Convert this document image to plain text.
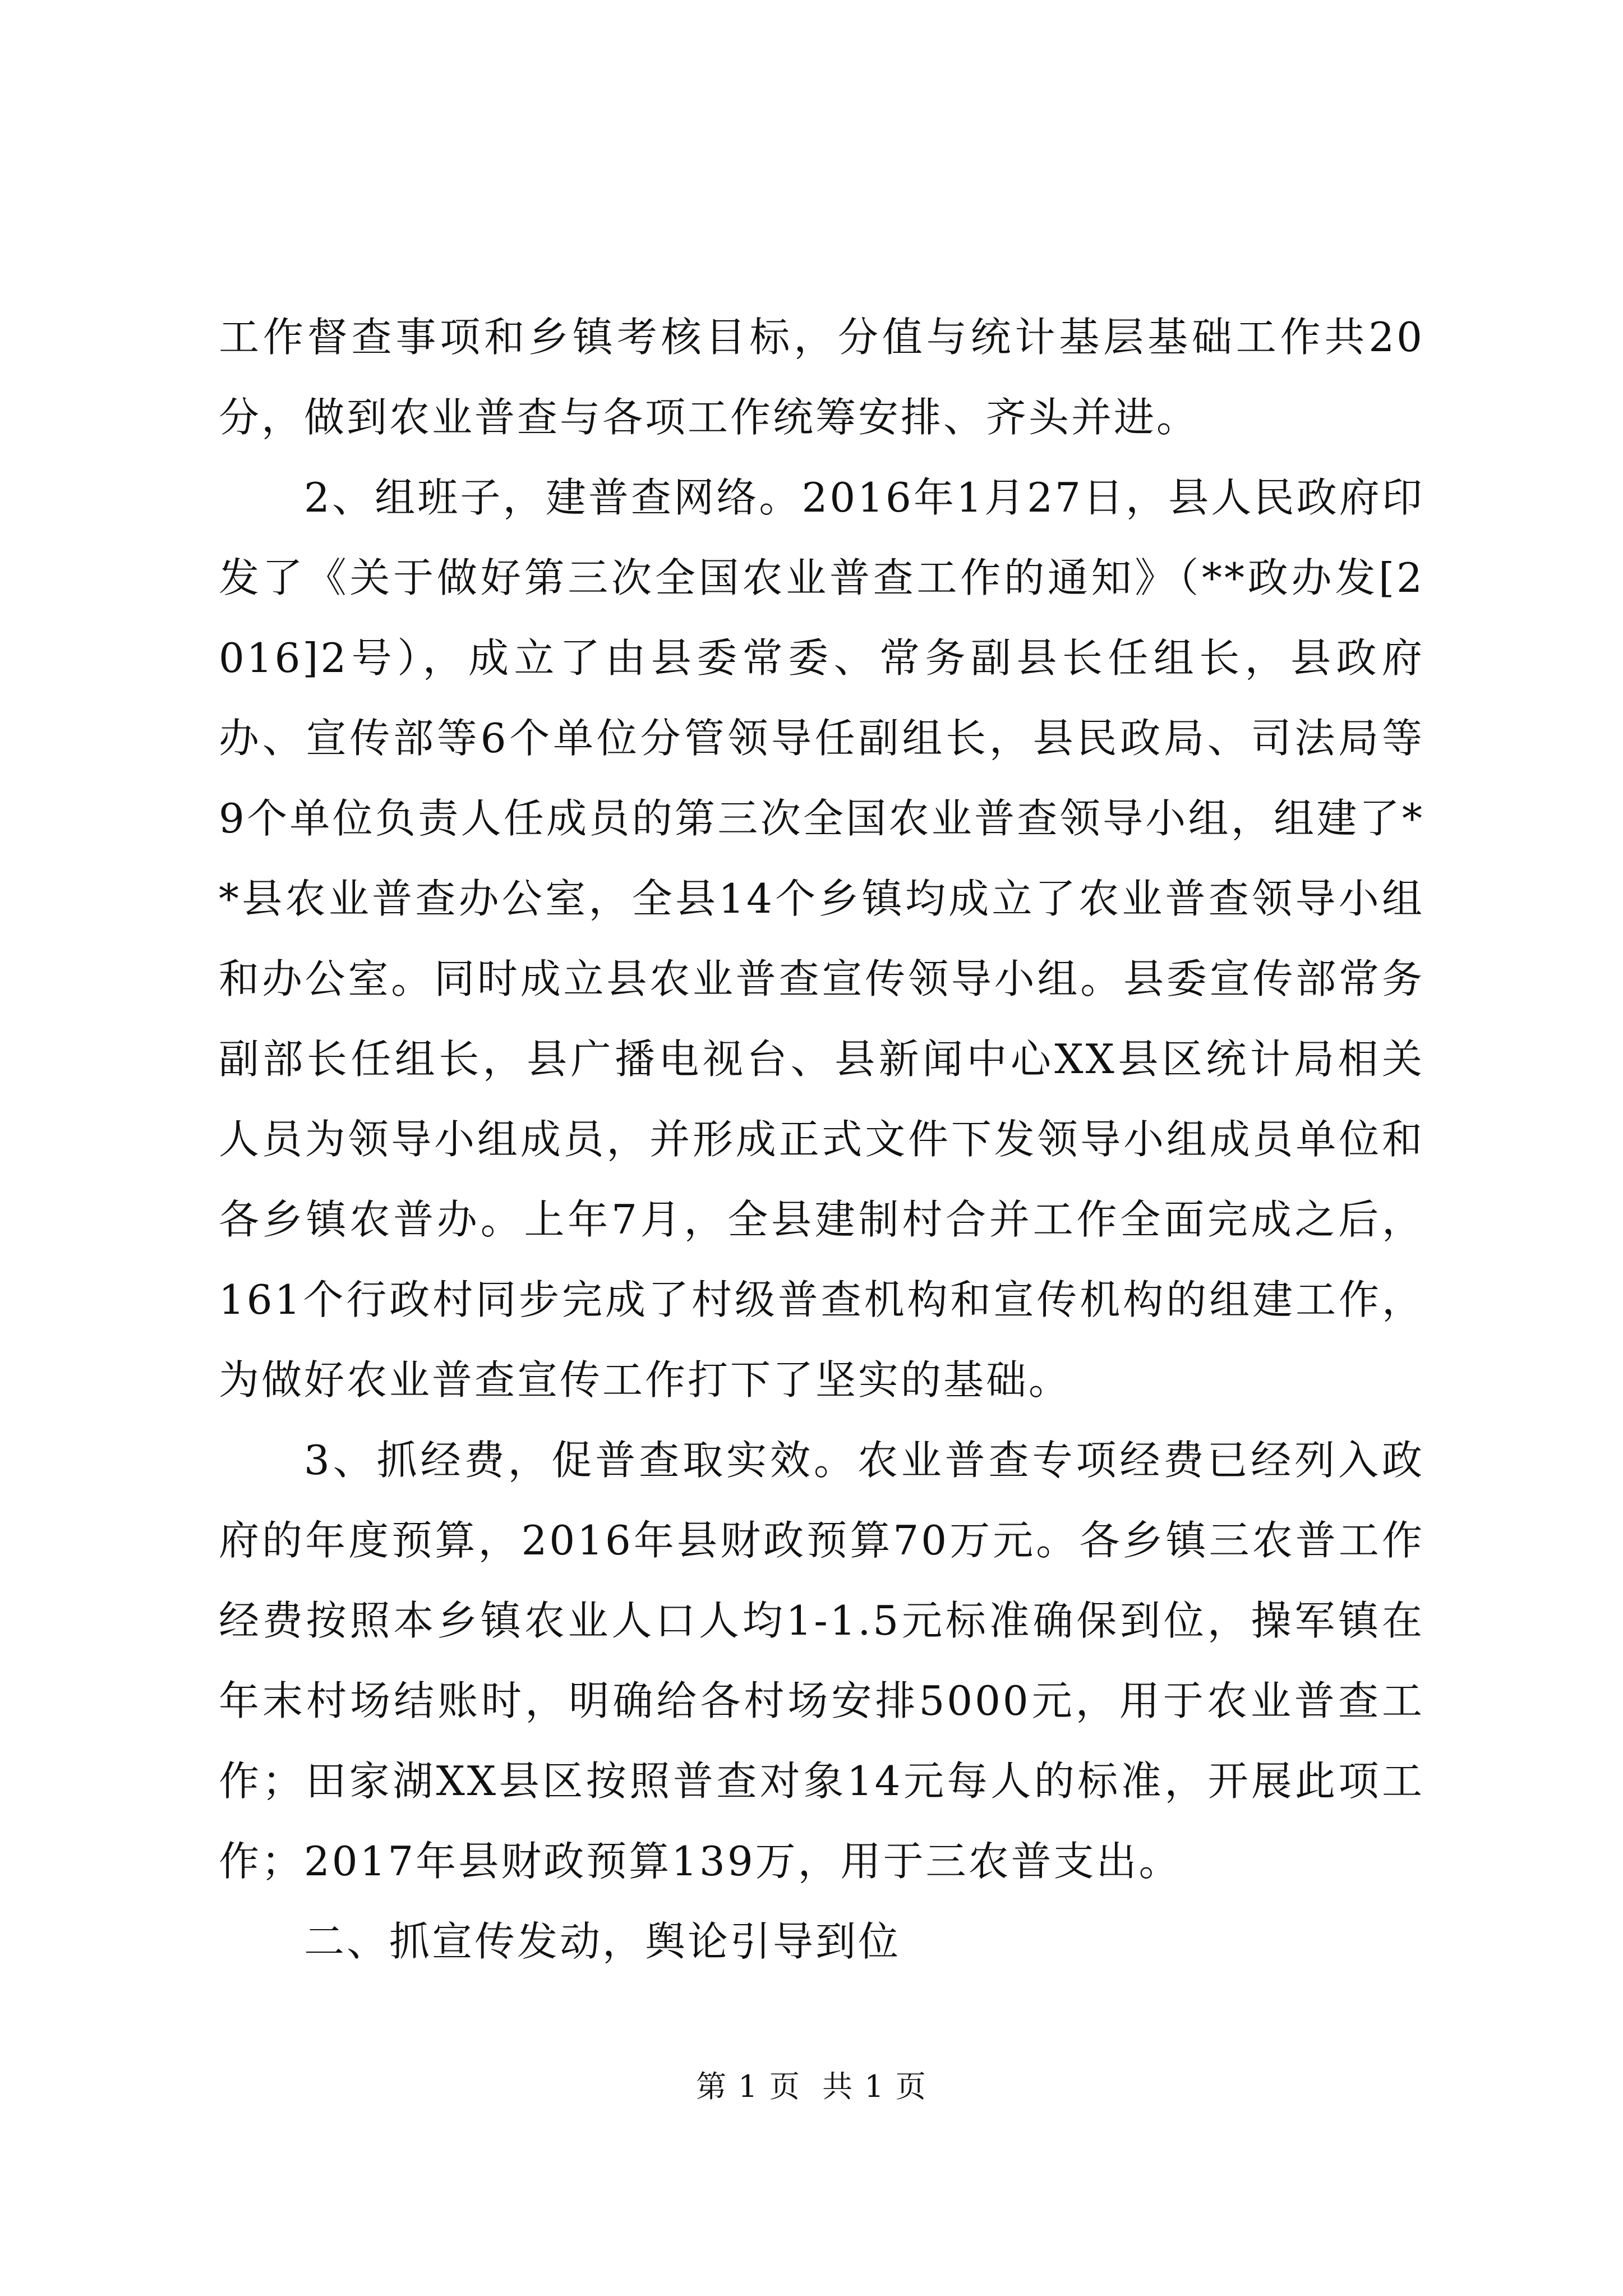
工作督查事项和乡镇考核目标，分值与统计基层基础工作共20分，做到农业普查与各项工作统筹安排、齐头并进。

2、组班子，建普查网络。2016年1月27日，县人民政府印发了《关于做好第三次全国农业普查工作的通知》（**政办发[2016]2号），成立了由县委常委、常务副县长任组长，县政府办、宣传部等6个单位分管领导任副组长，县民政局、司法局等9个单位负责人任成员的第三次全国农业普查领导小组，组建了**县农业普查办公室，全县14个乡镇均成立了农业普查领导小组和办公室。同时成立县农业普查宣传领导小组。县委宣传部常务副部长任组长，县广播电视台、县新闻中心XX县区统计局相关人员为领导小组成员，并形成正式文件下发领导小组成员单位和各乡镇农普办。上年7月，全县建制村合并工作全面完成之后，161个行政村同步完成了村级普查机构和宣传机构的组建工作，为做好农业普查宣传工作打下了坚实的基础。

3、抓经费，促普查取实效。农业普查专项经费已经列入政府的年度预算，2016年县财政预算70万元。各乡镇三农普工作经费按照本乡镇农业人口人均1-1.5元标准确保到位，操军镇在年末村场结账时，明确给各村场安排5000元，用于农业普查工作；田家湖XX县区按照普查对象14元每人的标准，开展此项工作；2017年县财政预算139万，用于三农普支出。

二、抓宣传发动，舆论引导到位

第 1 页  共 1 页
